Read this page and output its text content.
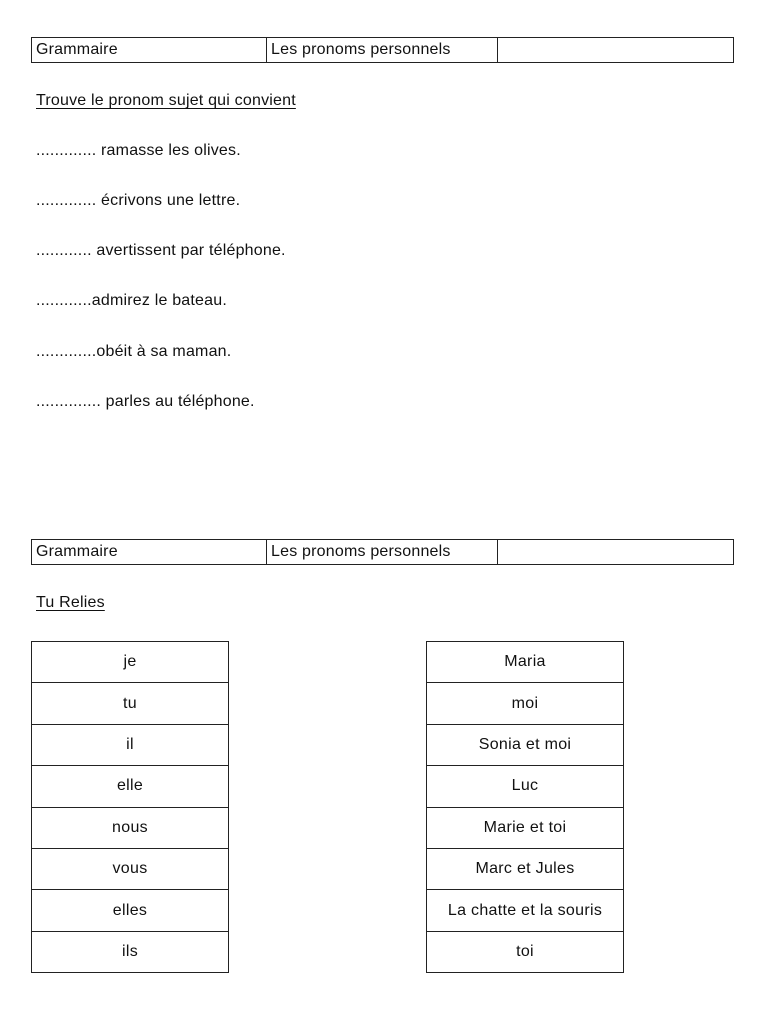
Grammaire	Les pronoms personnels	
Trouve le pronom sujet qui convient
............. ramasse les olives.
............. écrivons une lettre.
............ avertissent par téléphone.
............admirez le bateau.
.............obéit à sa maman.
.............. parles au téléphone.
Grammaire	Les pronoms personnels	
Tu Relies
je
tu
il
elle
nous
vous
elles
ils
Maria
moi
Sonia et moi
Luc
Marie et toi
Marc et Jules
La chatte et la souris
toi
